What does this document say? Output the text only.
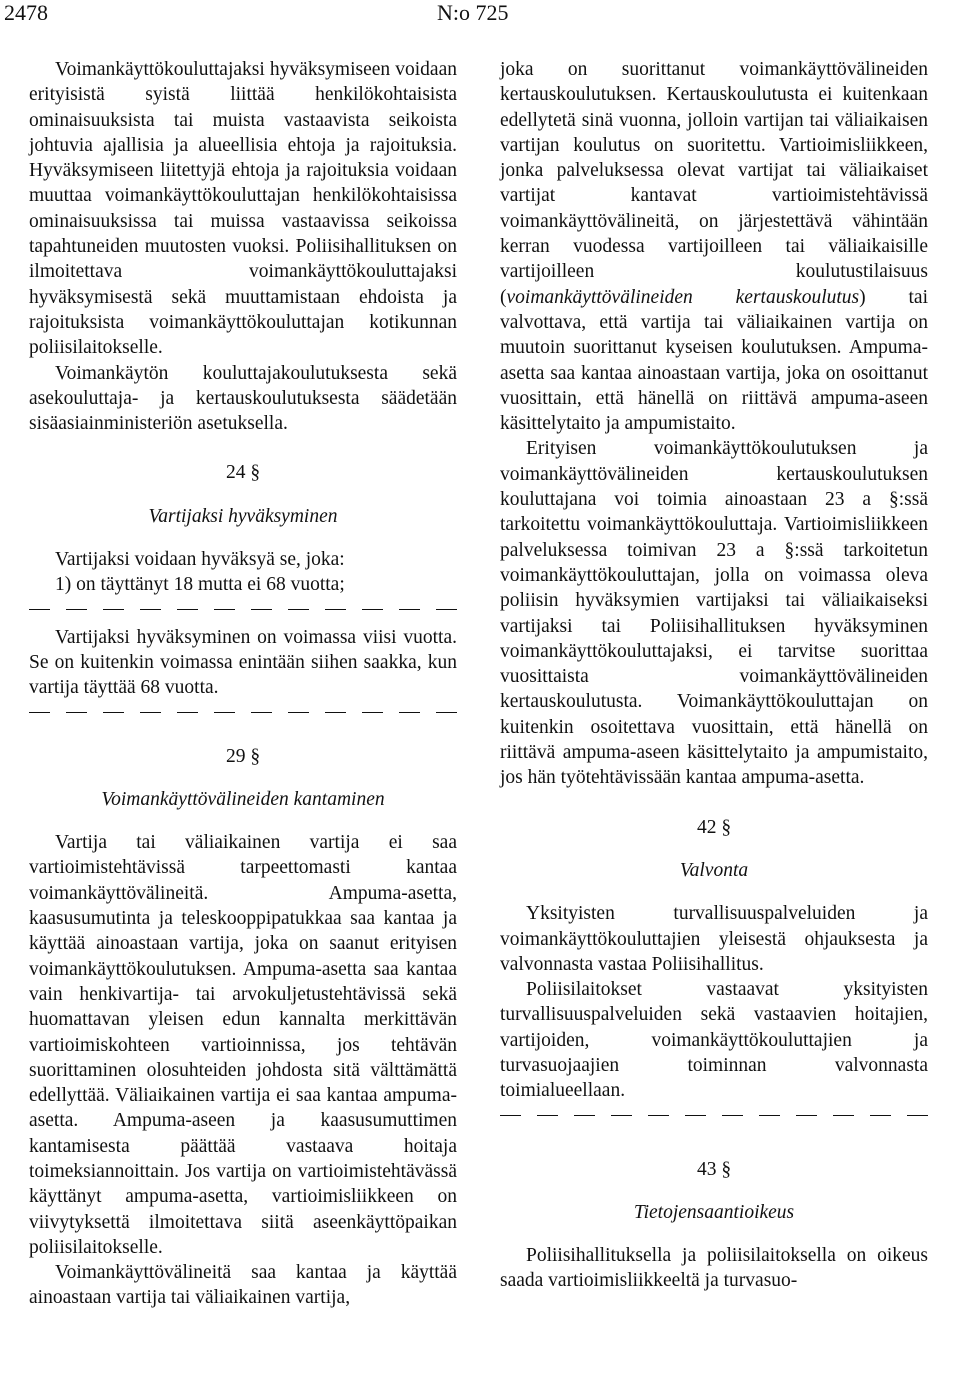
2478	N:o 725

Voimankäyttökouluttajaksi hyväksymiseen voidaan erityisistä syistä liittää henkilökohtaisista ominaisuuksista tai muista vastaavista seikoista johtuvia ajallisia ja alueellisia ehtoja ja rajoituksia. Hyväksymiseen liitettyjä ehtoja ja rajoituksia voidaan muuttaa voimankäyttökouluttajan henkilökohtaisissa ominaisuuksissa tai muissa vastaavissa seikoissa tapahtuneiden muutosten vuoksi. Poliisihallituksen on ilmoitettava voimankäyttökouluttajaksi hyväksymisestä sekä muuttamistaan ehdoista ja rajoituksista voimankäyttökouluttajan kotikunnan poliisilaitokselle.

Voimankäytön kouluttajakoulutuksesta sekä asekouluttaja- ja kertauskoulutuksesta säädetään sisäasiainministeriön asetuksella.

24 §

Vartijaksi hyväksyminen

Vartijaksi voidaan hyväksyä se, joka:

1) on täyttänyt 18 mutta ei 68 vuotta;

Vartijaksi hyväksyminen on voimassa viisi vuotta. Se on kuitenkin voimassa enintään siihen saakka, kun vartija täyttää 68 vuotta.

29 §

Voimankäyttövälineiden kantaminen

Vartija tai väliaikainen vartija ei saa vartioimistehtävissä tarpeettomasti kantaa voimankäyttövälineitä. Ampuma-asetta, kaasusumutinta ja teleskooppipatukkaa saa kantaa ja käyttää ainoastaan vartija, joka on saanut erityisen voimankäyttökoulutuksen. Ampuma-asetta saa kantaa vain henkivartija- tai arvokuljetustehtävissä sekä huomattavan yleisen edun kannalta merkittävän vartioimiskohteen vartioinnissa, jos tehtävän suorittaminen olosuhteiden johdosta sitä välttämättä edellyttää. Väliaikainen vartija ei saa kantaa ampuma-asetta. Ampuma-aseen ja kaasusumuttimen kantamisesta päättää vastaava hoitaja toimeksiannoittain. Jos vartija on vartioimistehtävässä käyttänyt ampuma-asetta, vartioimisliikkeen on viivytyksettä ilmoitettava siitä aseenkäyttöpaikan poliisilaitokselle.

Voimankäyttövälineitä saa kantaa ja käyttää ainoastaan vartija tai väliaikainen vartija,

joka on suorittanut voimankäyttövälineiden kertauskoulutuksen. Kertauskoulutusta ei kuitenkaan edellytetä sinä vuonna, jolloin vartijan tai väliaikaisen vartijan koulutus on suoritettu. Vartioimisliikkeen, jonka palveluksessa olevat vartijat tai väliaikaiset vartijat kantavat vartioimistehtävissä voimankäyttövälineitä, on järjestettävä vähintään kerran vuodessa vartijoilleen tai väliaikaisille vartijoilleen koulutustilaisuus (voimankäyttövälineiden kertauskoulutus) tai valvottava, että vartija tai väliaikainen vartija on muutoin suorittanut kyseisen koulutuksen. Ampuma-asetta saa kantaa ainoastaan vartija, joka on osoittanut vuosittain, että hänellä on riittävä ampuma-aseen käsittelytaito ja ampumistaito.

Erityisen voimankäyttökoulutuksen ja voimankäyttövälineiden kertauskoulutuksen kouluttajana voi toimia ainoastaan 23 a §:ssä tarkoitettu voimankäyttökouluttaja. Vartioimisliikkeen palveluksessa toimivan 23 a §:ssä tarkoitetun voimankäyttökouluttajan, jolla on voimassa oleva poliisin hyväksymien vartijaksi tai väliaikaiseksi vartijaksi tai Poliisihallituksen hyväksyminen voimankäyttökouluttajaksi, ei tarvitse suorittaa vuosittaista voimankäyttövälineiden kertauskoulutusta. Voimankäyttökouluttajan on kuitenkin osoitettava vuosittain, että hänellä on riittävä ampuma-aseen käsittelytaito ja ampumistaito, jos hän työtehtävissään kantaa ampuma-asetta.

42 §

Valvonta

Yksityisten turvallisuuspalveluiden ja voimankäyttökouluttajien yleisestä ohjauksesta ja valvonnasta vastaa Poliisihallitus.

Poliisilaitokset vastaavat yksityisten turvallisuuspalveluiden sekä vastaavien hoitajien, vartijoiden, voimankäyttökouluttajien ja turvasuojaajien toiminnan valvonnasta toimialueellaan.

43 §

Tietojensaantioikeus

Poliisihallituksella ja poliisilaitoksella on oikeus saada vartioimisliikkeeltä ja turvasuo-
